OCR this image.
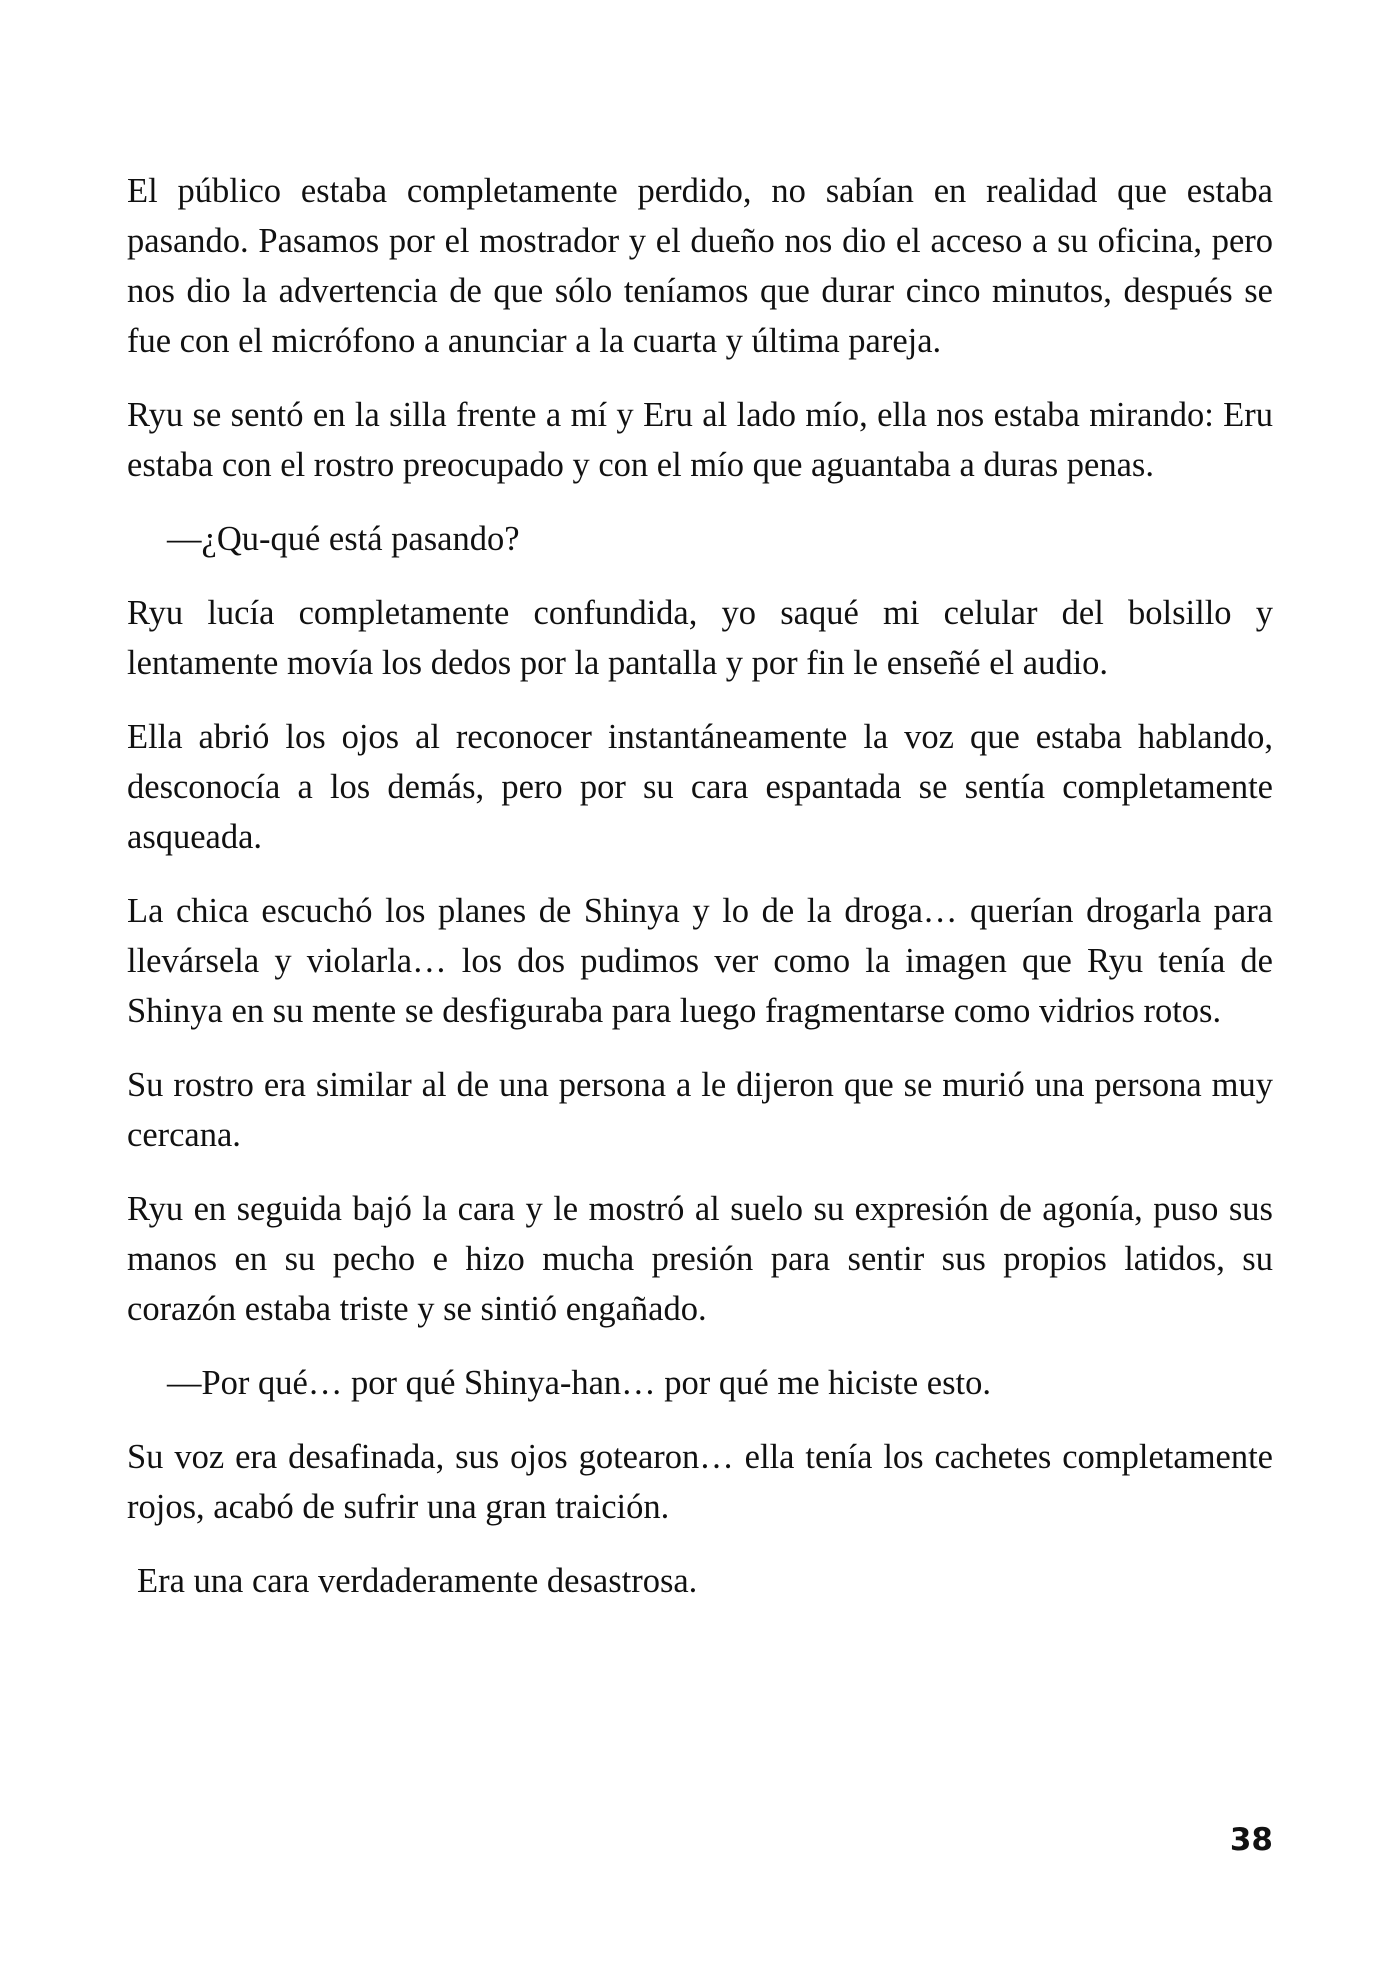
El público estaba completamente perdido, no sabían en realidad que estaba pasando. Pasamos por el mostrador y el dueño nos dio el acceso a su oficina, pero nos dio la advertencia de que sólo teníamos que durar cinco minutos, después se fue con el micrófono a anunciar a la cuarta y última pareja.

Ryu se sentó en la silla frente a mí y Eru al lado mío, ella nos estaba mirando: Eru estaba con el rostro preocupado y con el mío que aguantaba a duras penas.

—¿Qu-qué está pasando?

Ryu lucía completamente confundida, yo saqué mi celular del bolsillo y lentamente movía los dedos por la pantalla y por fin le enseñé el audio.

Ella abrió los ojos al reconocer instantáneamente la voz que estaba hablando, desconocía a los demás, pero por su cara espantada se sentía completamente asqueada.

La chica escuchó los planes de Shinya y lo de la droga… querían drogarla para llevársela y violarla… los dos pudimos ver como la imagen que Ryu tenía de Shinya en su mente se desfiguraba para luego fragmentarse como vidrios rotos.

Su rostro era similar al de una persona a le dijeron que se murió una persona muy cercana.

Ryu en seguida bajó la cara y le mostró al suelo su expresión de agonía, puso sus manos en su pecho e hizo mucha presión para sentir sus propios latidos, su corazón estaba triste y se sintió engañado.

—Por qué… por qué Shinya-han… por qué me hiciste esto.

Su voz era desafinada, sus ojos gotearon… ella tenía los cachetes completamente rojos, acabó de sufrir una gran traición.

Era una cara verdaderamente desastrosa.

38
